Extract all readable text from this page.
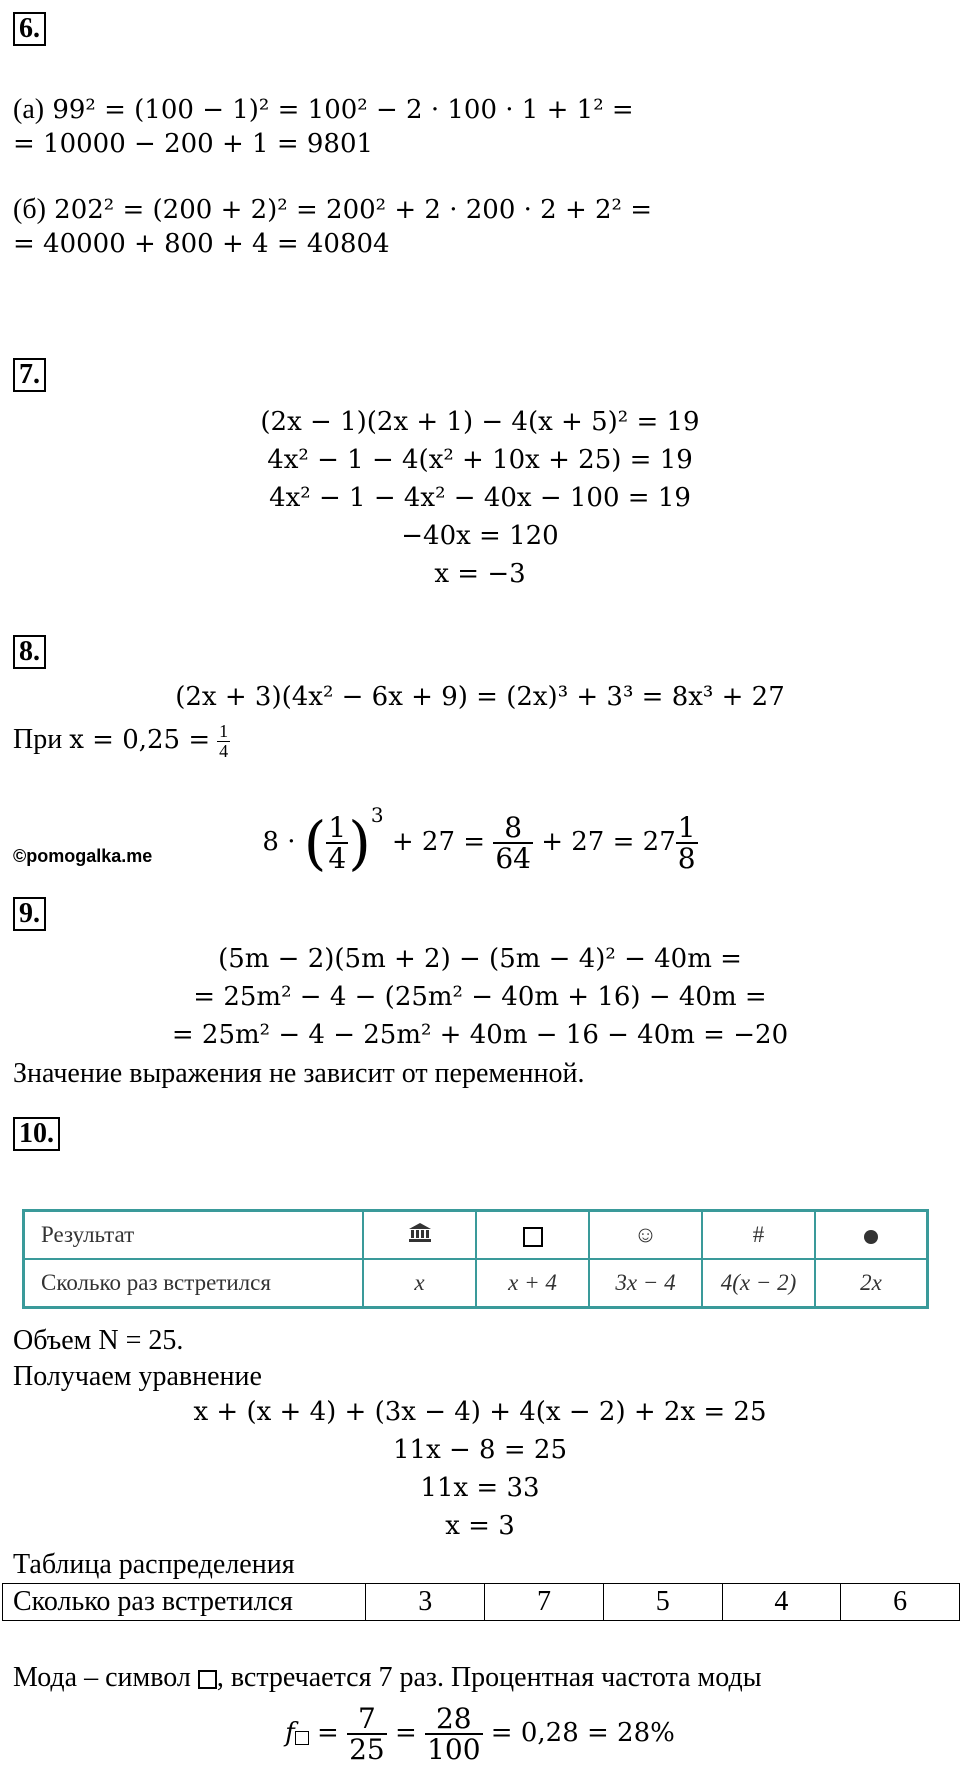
6.
(а) 99² = (100 − 1)² = 100² − 2 · 100 · 1 + 1² =
= 10000 − 200 + 1 = 9801
(б) 202² = (200 + 2)² = 200² + 2 · 200 · 2 + 2² =
= 40000 + 800 + 4 = 40804
7.
(2x − 1)(2x + 1) − 4(x + 5)² = 19
4x² − 1 − 4(x² + 10x + 25) = 19
4x² − 1 − 4x² − 40x − 100 = 19
−40x = 120
x = −3
8.
(2x + 3)(4x² − 6x + 9) = (2x)³ + 3³ = 8x³ + 27
При $x = 0,25 = \frac{1}{4}$
8 · ( $\frac{1}{4} )^3 + 27 = \frac{8}{64} + 27 = 27 \frac{1}{8}$
©pomogalka.me
9.
(5m − 2)(5m + 2) − (5m − 4)² − 40m =
= 25m² − 4 − (25m² − 40m + 16) − 40m =
= 25m² − 4 − 25m² + 40m − 16 − 40m = −20
Значение выражения не зависит от переменной.
10.
Результат			☺	#	
Сколько раз встретился	x	x + 4	3x − 4	4(x − 2)	2x
Объем N = 25.
Получаем уравнение
x + (x + 4) + (3x − 4) + 4(x − 2) + 2x = 25
11x − 8 = 25
11x = 33
x = 3
Таблица распределения
Сколько раз встретился	3	7	5	4	6
Мода – символ , встречается 7 раз. Процентная частота моды
$f = \frac{7}{25} = \frac{28}{100} = 0,28 = 28\%$
